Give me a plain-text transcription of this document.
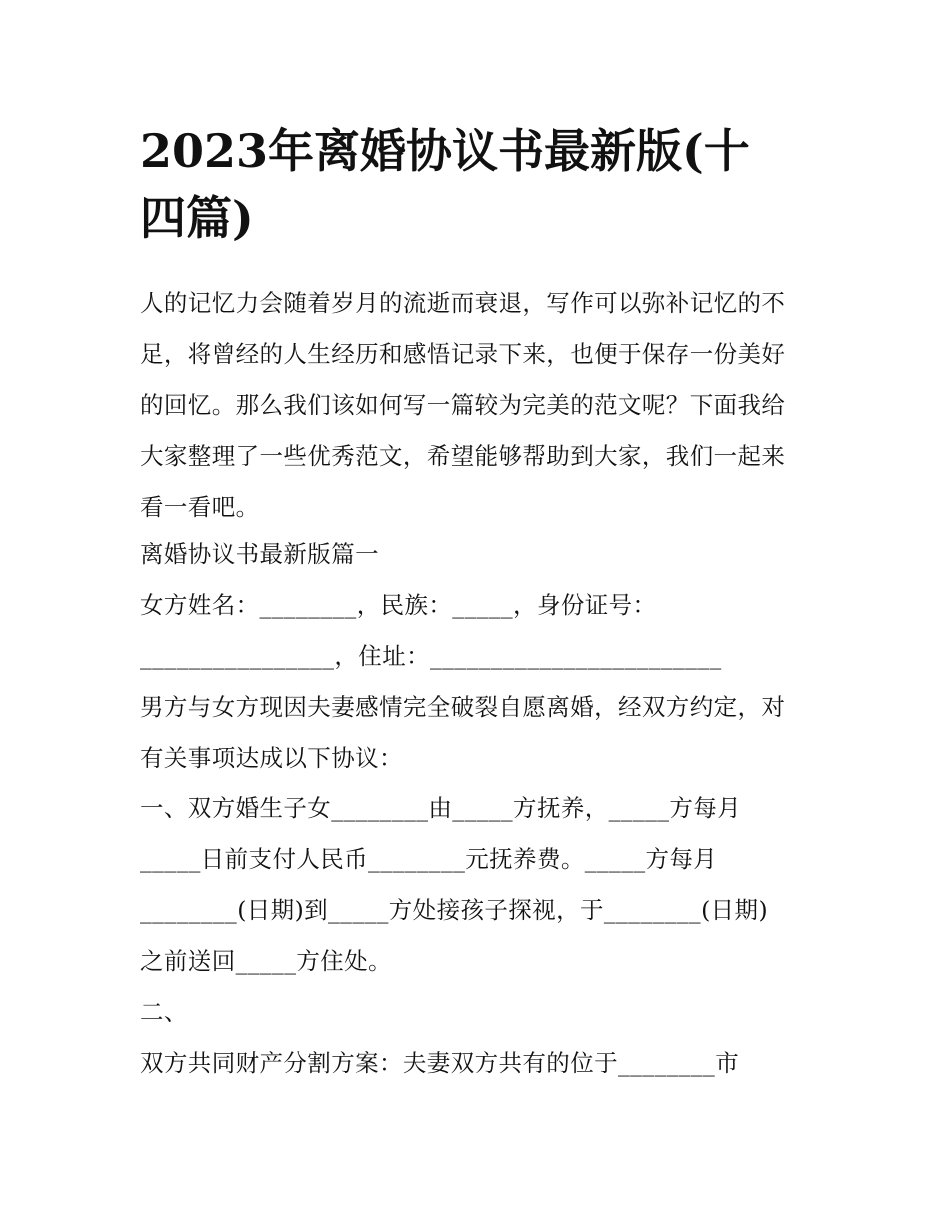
2023年离婚协议书最新版(十
四篇)
人的记忆力会随着岁月的流逝而衰退，写作可以弥补记忆的不
足，将曾经的人生经历和感悟记录下来，也便于保存一份美好
的回忆。那么我们该如何写一篇较为完美的范文呢？下面我给
大家整理了一些优秀范文，希望能够帮助到大家，我们一起来
看一看吧。
离婚协议书最新版篇一
女方姓名：________，民族：_____，身份证号：
________________，住址：________________________
男方与女方现因夫妻感情完全破裂自愿离婚，经双方约定，对
有关事项达成以下协议：
一、双方婚生子女________由_____方抚养，_____方每月
_____日前支付人民币________元抚养费。_____方每月
________(日期)到_____方处接孩子探视，于________(日期)
之前送回_____方住处。
二、
双方共同财产分割方案：夫妻双方共有的位于________市
